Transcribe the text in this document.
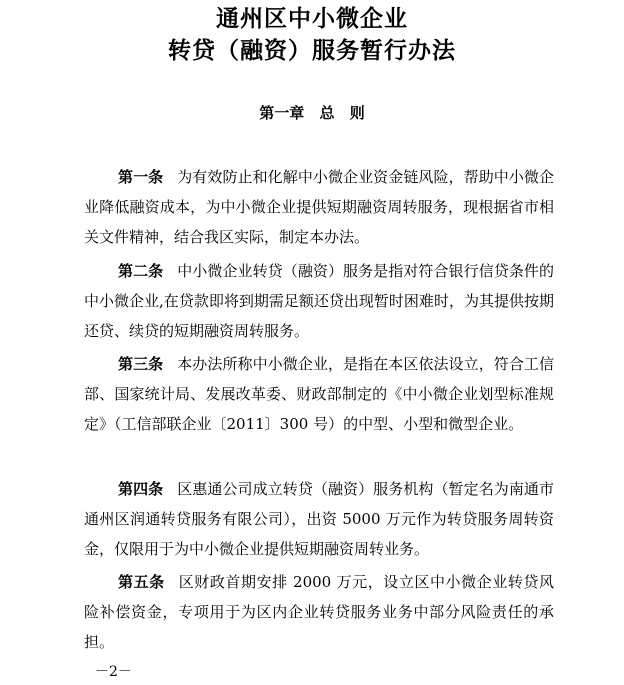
通州区中小微企业
转贷（融资）服务暂行办法
第一章 总 则
第一条 为有效防止和化解中小微企业资金链风险，帮助中小微企业降低融资成本，为中小微企业提供短期融资周转服务，现根据省市相关文件精神，结合我区实际，制定本办法。
第二条 中小微企业转贷（融资）服务是指对符合银行信贷条件的中小微企业,在贷款即将到期需足额还贷出现暂时困难时，为其提供按期还贷、续贷的短期融资周转服务。
第三条 本办法所称中小微企业，是指在本区依法设立，符合工信部、国家统计局、发展改革委、财政部制定的《中小微企业划型标准规定》（工信部联企业〔2011〕300 号）的中型、小型和微型企业。
第四条 区惠通公司成立转贷（融资）服务机构（暂定名为南通市通州区润通转贷服务有限公司），出资 5000 万元作为转贷服务周转资金，仅限用于为中小微企业提供短期融资周转业务。
第五条 区财政首期安排 2000 万元，设立区中小微企业转贷风险补偿资金，专项用于为区内企业转贷服务业务中部分风险责任的承担。
－2－
